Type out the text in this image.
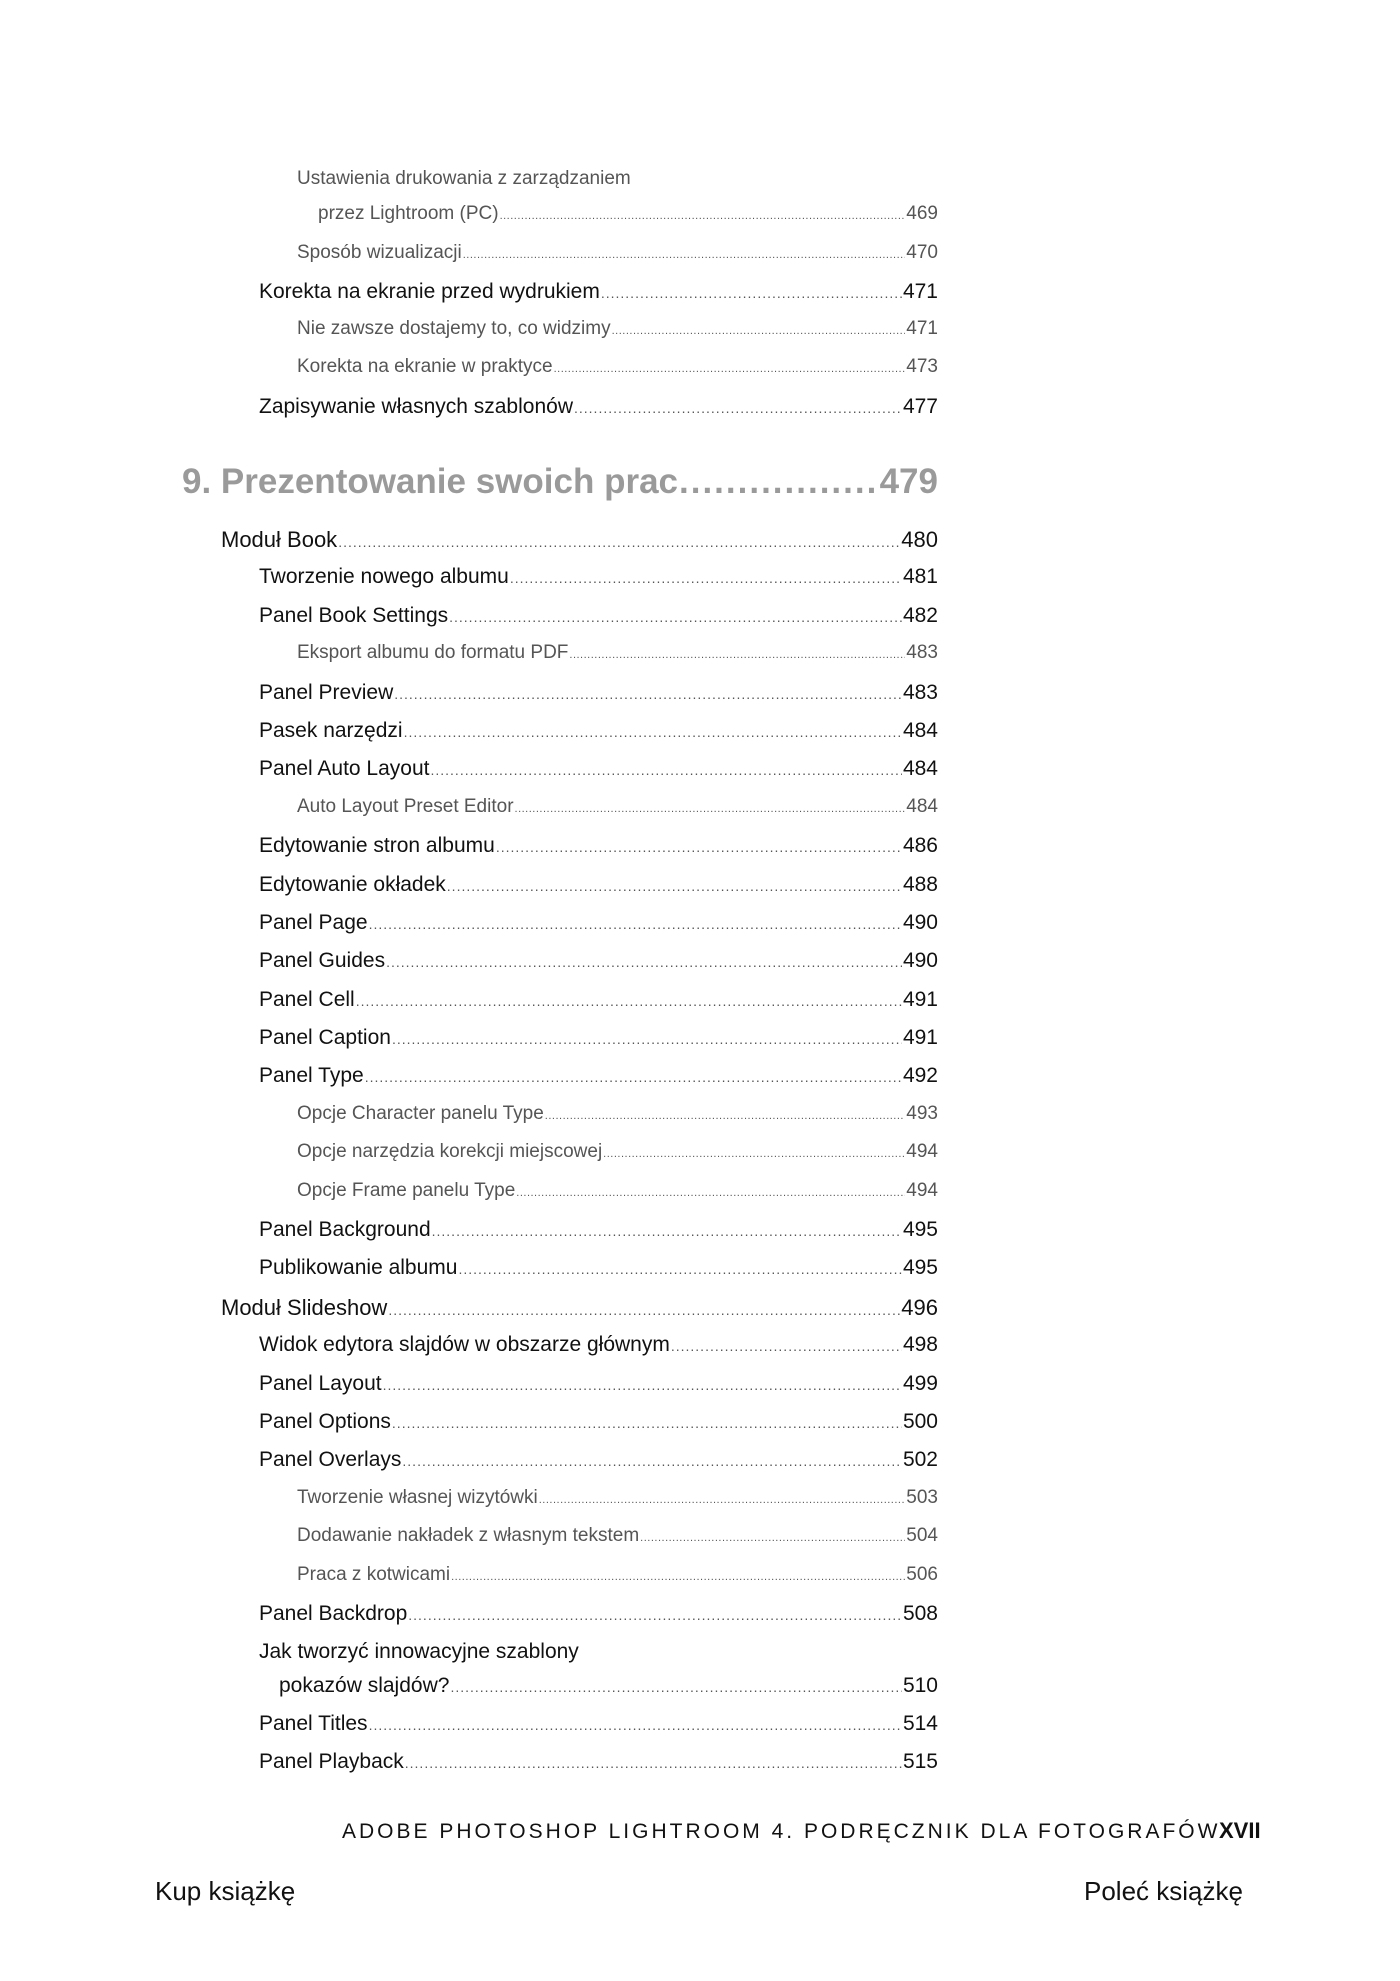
Ustawienia drukowania z zarządzaniem
przez Lightroom (PC) .....	469
Sposób wizualizacji .....	470
Korekta na ekranie przed wydrukiem .....	471
Nie zawsze dostajemy to, co widzimy .....	471
Korekta na ekranie w praktyce .....	473
Zapisywanie własnych szablonów .....	477
9. Prezentowanie swoich prac .....	479
Moduł Book .....	480
Tworzenie nowego albumu .....	481
Panel Book Settings .....	482
Eksport albumu do formatu PDF .....	483
Panel Preview .....	483
Pasek narzędzi .....	484
Panel Auto Layout .....	484
Auto Layout Preset Editor .....	484
Edytowanie stron albumu .....	486
Edytowanie okładek .....	488
Panel Page .....	490
Panel Guides .....	490
Panel Cell .....	491
Panel Caption .....	491
Panel Type .....	492
Opcje Character panelu Type .....	493
Opcje narzędzia korekcji miejscowej .....	494
Opcje Frame panelu Type .....	494
Panel Background .....	495
Publikowanie albumu .....	495
Moduł Slideshow .....	496
Widok edytora slajdów w obszarze głównym .....	498
Panel Layout .....	499
Panel Options .....	500
Panel Overlays .....	502
Tworzenie własnej wizytówki .....	503
Dodawanie nakładek z własnym tekstem .....	504
Praca z kotwicami .....	506
Panel Backdrop .....	508
Jak tworzyć innowacyjne szablony
pokazów slajdów? .....	510
Panel Titles .....	514
Panel Playback .....	515
ADOBE PHOTOSHOP LIGHTROOM 4. PODRĘCZNIK DLA FOTOGRAFÓW
XVII
Kup książkę	Poleć książkę
